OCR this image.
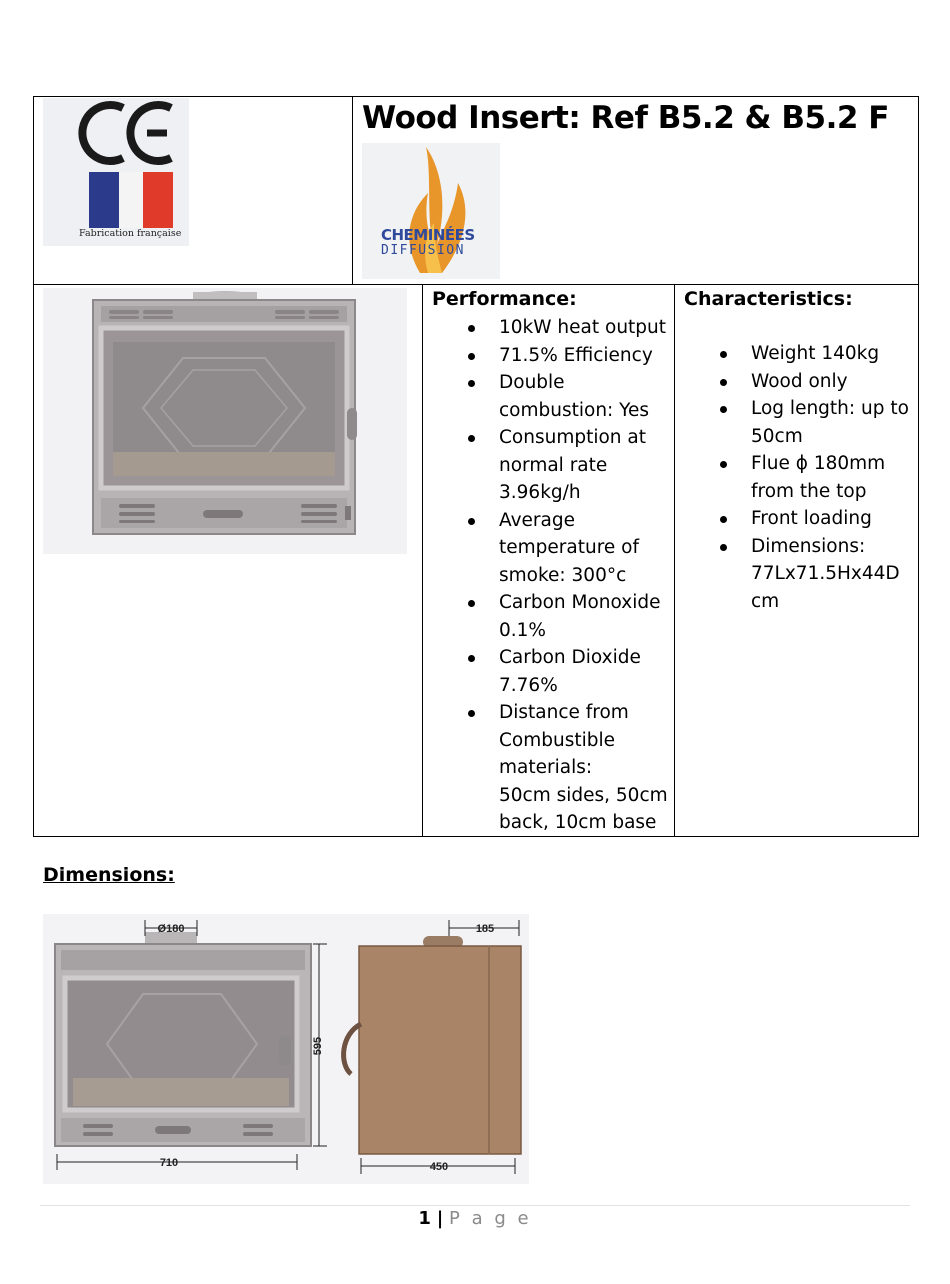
Fabrication française
Wood Insert: Ref B5.2 & B5.2 F
CHEMINÉES
DIFFUSION
Performance:
10kW heat output
71.5% Efficiency
Double
combustion: Yes
Consumption at
normal rate
3.96kg/h
Average
temperature of
smoke: 300°c
Carbon Monoxide
0.1%
Carbon Dioxide
7.76%
Distance from
Combustible
materials:
50cm sides, 50cm
back, 10cm base
Characteristics:
Weight 140kg
Wood only
Log length: up to
50cm
Flue ϕ 180mm
from the top
Front loading
Dimensions:
77Lx71.5Hx44D
cm
Dimensions:
Ø180
595
710
185
450
1 | P a g e
